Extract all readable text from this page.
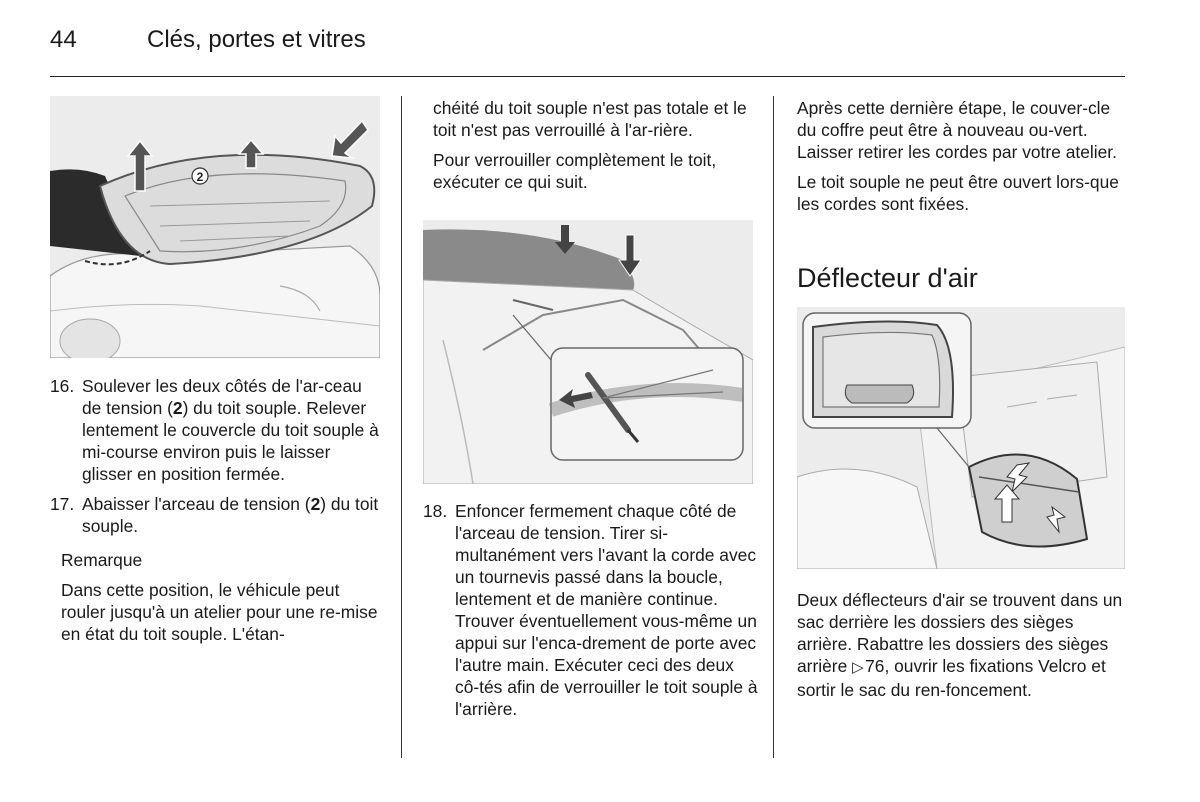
44	Clés, portes et vitres
2
16. Soulever les deux côtés de l'ar-ceau de tension (2) du toit souple. Relever lentement le couvercle du toit souple à mi-course environ puis le laisser glisser en position fermée.
17. Abaisser l'arceau de tension (2) du toit souple.

Remarque

Dans cette position, le véhicule peut rouler jusqu'à un atelier pour une re-mise en état du toit souple. L'étan-

chéité du toit souple n'est pas totale et le toit n'est pas verrouillé à l'ar-rière.

Pour verrouiller complètement le toit, exécuter ce qui suit.

18. Enfoncer fermement chaque côté de l'arceau de tension. Tirer si-multanément vers l'avant la corde avec un tournevis passé dans la boucle, lentement et de manière continue. Trouver éventuellement vous-même un appui sur l'enca-drement de porte avec l'autre main. Exécuter ceci des deux cô-tés afin de verrouiller le toit souple à l'arrière.

Après cette dernière étape, le couver-cle du coffre peut être à nouveau ou-vert. Laisser retirer les cordes par votre atelier.

Le toit souple ne peut être ouvert lors-que les cordes sont fixées.

Déflecteur d'air

Deux déflecteurs d'air se trouvent dans un sac derrière les dossiers des sièges arrière. Rabattre les dossiers des sièges arrière ▷ 76, ouvrir les fixations Velcro et sortir le sac du ren-foncement.
